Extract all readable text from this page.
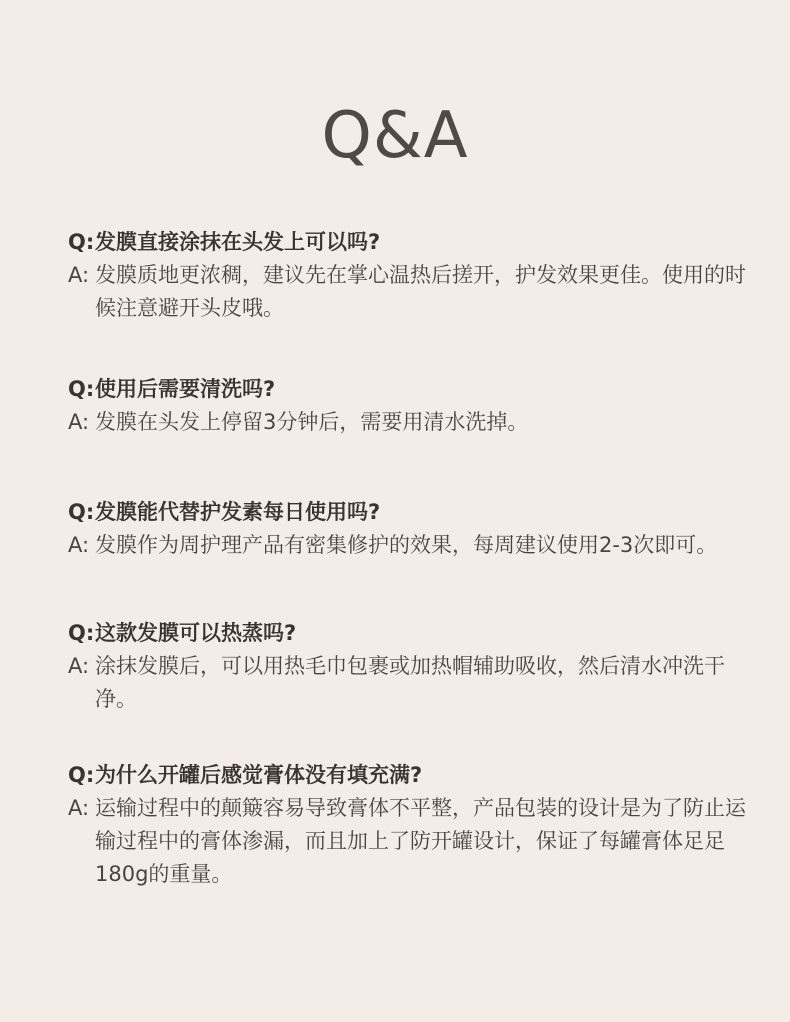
Q&A
Q: 发膜直接涂抹在头发上可以吗?
A: 发膜质地更浓稠，建议先在掌心温热后搓开，护发效果更佳。使用的时候注意避开头皮哦。
Q: 使用后需要清洗吗?
A: 发膜在头发上停留3分钟后，需要用清水洗掉。
Q: 发膜能代替护发素每日使用吗?
A: 发膜作为周护理产品有密集修护的效果，每周建议使用2-3次即可。
Q: 这款发膜可以热蒸吗?
A: 涂抹发膜后，可以用热毛巾包裹或加热帽辅助吸收，然后清水冲洗干净。
Q: 为什么开罐后感觉膏体没有填充满?
A: 运输过程中的颠簸容易导致膏体不平整，产品包装的设计是为了防止运输过程中的膏体渗漏，而且加上了防开罐设计，保证了每罐膏体足足180g的重量。
